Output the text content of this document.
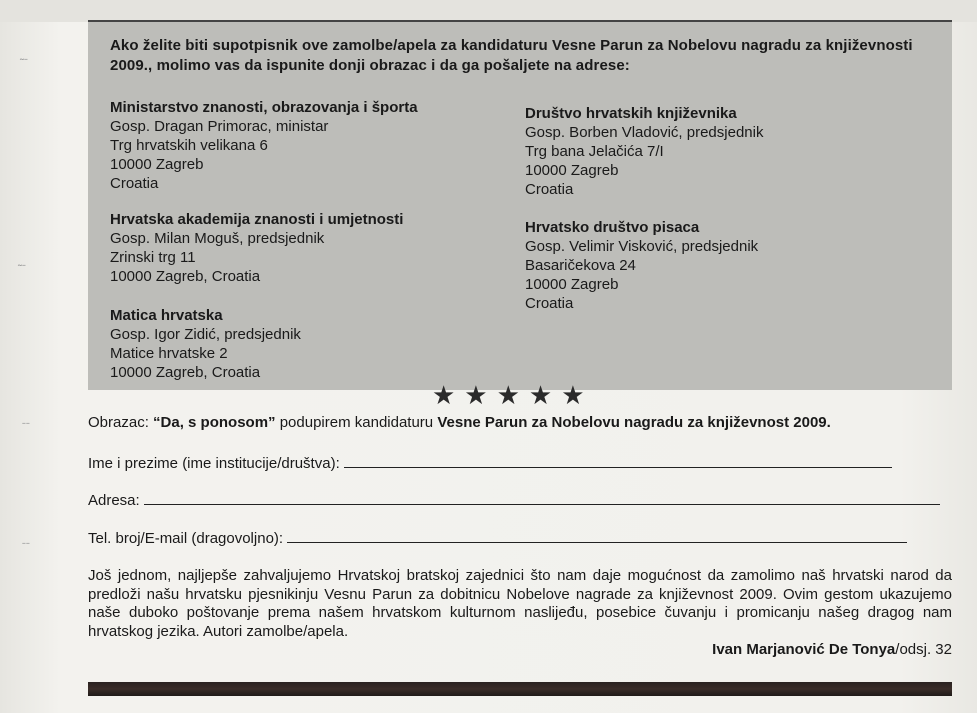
Ako želite biti supotpisnik ove zamolbe/apela za kandidaturu Vesne Parun za Nobelovu nagradu za književnosti 2009., molimo vas da ispunite donji obrazac i da ga pošaljete na adrese:
Ministarstvo znanosti, obrazovanja i športa
Gosp. Dragan Primorac, ministar
Trg hrvatskih velikana 6
10000 Zagreb
Croatia
Hrvatska akademija znanosti i umjetnosti
Gosp. Milan Moguš, predsjednik
Zrinski trg 11
10000 Zagreb, Croatia
Matica hrvatska
Gosp. Igor Zidić, predsjednik
Matice hrvatske 2
10000 Zagreb, Croatia
Društvo hrvatskih književnika
Gosp. Borben Vladović, predsjednik
Trg bana Jelačića 7/I
10000 Zagreb
Croatia
Hrvatsko društvo pisaca
Gosp. Velimir Visković, predsjednik
Basaričekova 24
10000 Zagreb
Croatia
★★★★★
Obrazac: “Da, s ponosom” podupirem kandidaturu Vesne Parun za Nobelovu nagradu za književnost 2009.
Ime i prezime (ime institucije/društva):
Adresa:
Tel. broj/E-mail (dragovoljno):
Još jednom, najljepše zahvaljujemo Hrvatskoj bratskoj zajednici što nam daje mogućnost da zamolimo naš hrvatski narod da predloži našu hrvatsku pjesnikinju Vesnu Parun za dobitnicu Nobelove nagrade za književnost 2009. Ovim gestom ukazujemo naše duboko poštovanje prema našem hrvatskom kulturnom naslijeđu, posebice čuvanju i promicanju našeg dragog nam hrvatskog jezika. Autori zamolbe/apela.
Ivan Marjanović De Tonya/odsj. 32
˜ˉ
˜ˉ
ˉˉ
ˉˉ
